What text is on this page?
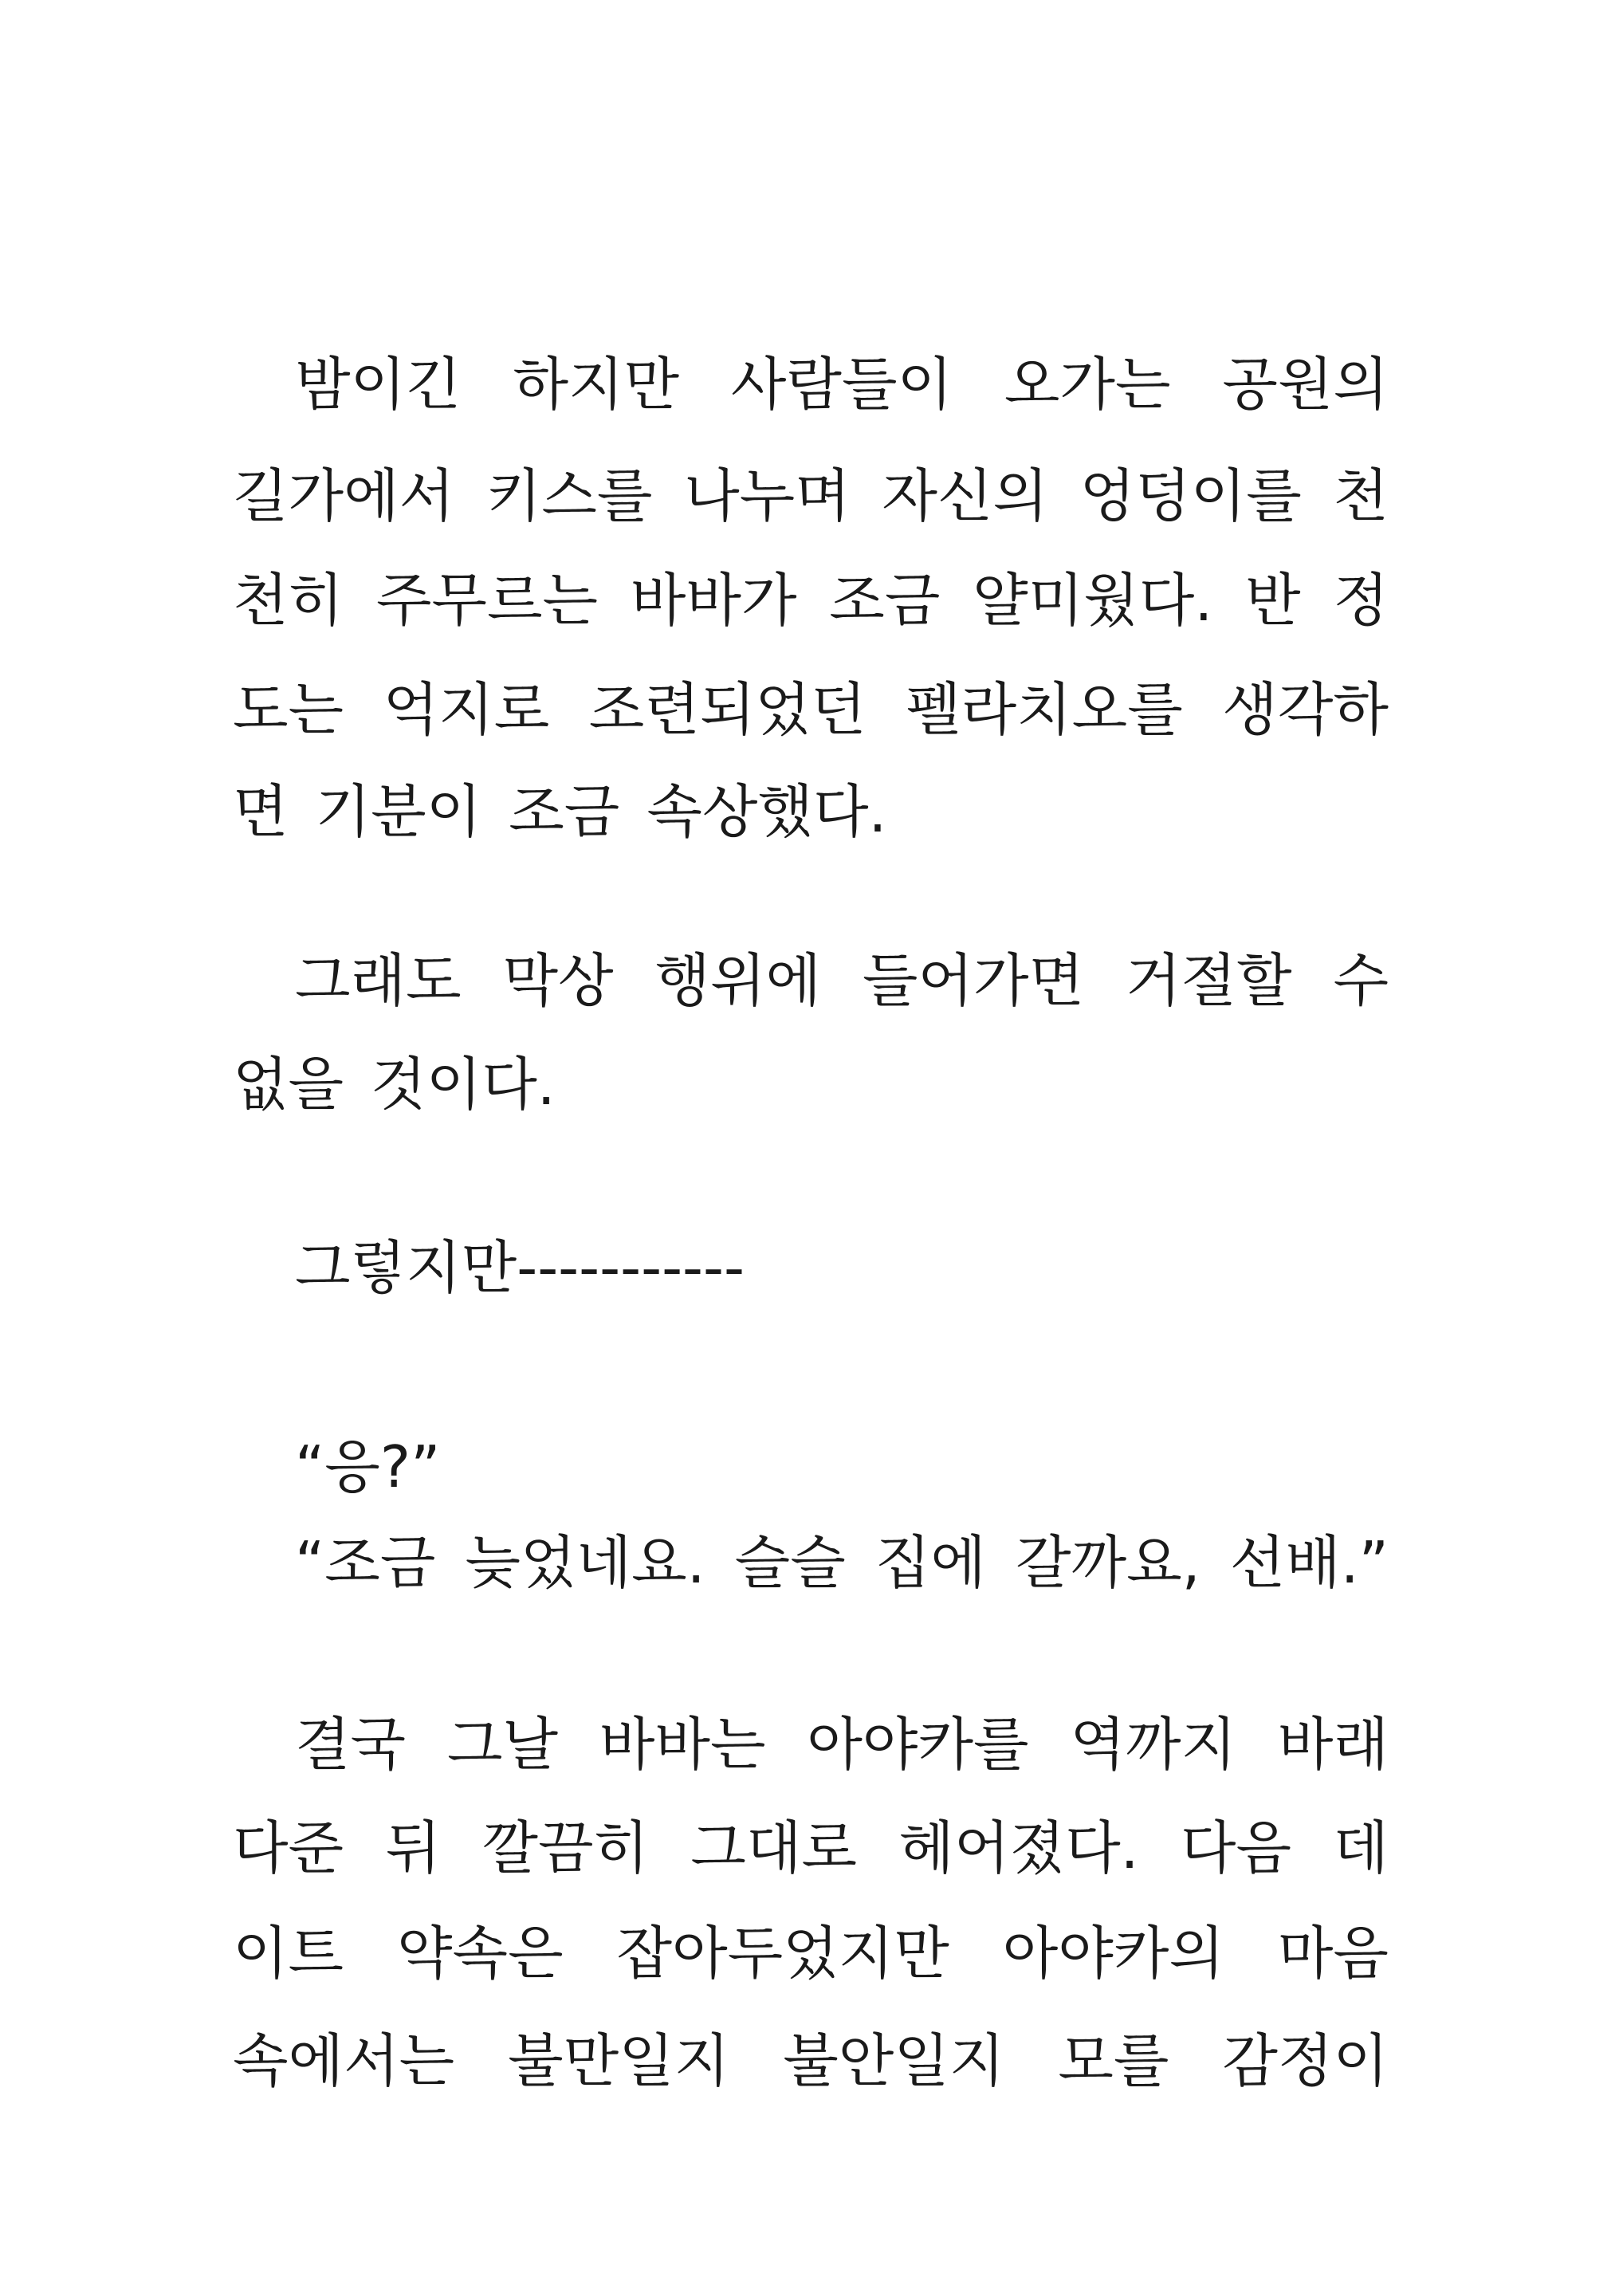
밤이긴 하지만 사람들이 오가는 공원의
길가에서 키스를 나누며 자신의 엉덩이를 천
천히 주무르는 바바가 조금 얄미웠다. 반 정
도는 억지로 조련되었던 펠라치오를 생각하
면 기분이 조금 속상했다.
그래도 막상 행위에 들어가면 거절할 수
없을 것이다.
그렇지만-----------
“응?”
“조금 늦었네요. 슬슬 집에 갈까요, 선배.”
결국 그날 바바는 아야카를 역까지 바래
다준 뒤 깔끔히 그대로 헤어졌다. 다음 데
이트 약속은 잡아두었지만 아야카의 마음
속에서는 불만일지 불안일지 모를 감정이
